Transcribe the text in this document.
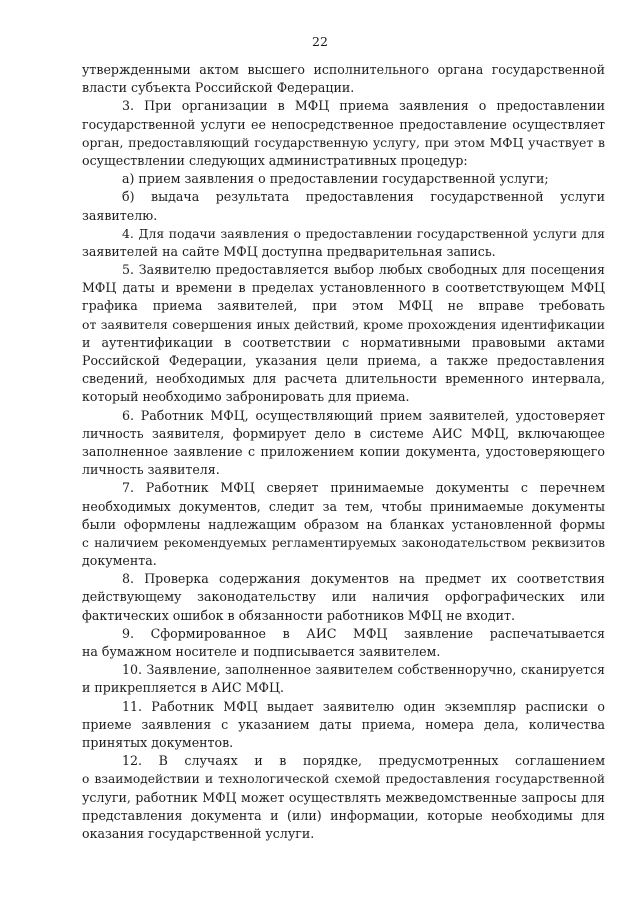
22
утвержденными актом высшего исполнительного органа государственной
власти субъекта Российской Федерации.
3. При организации в МФЦ приема заявления о предоставлении
государственной услуги ее непосредственное предоставление осуществляет
орган, предоставляющий государственную услугу, при этом МФЦ участвует в
осуществлении следующих административных процедур:
а) прием заявления о предоставлении государственной услуги;
б) выдача результата предоставления государственной услуги
заявителю.
4. Для подачи заявления о предоставлении государственной услуги для
заявителей на сайте МФЦ доступна предварительная запись.
5. Заявителю предоставляется выбор любых свободных для посещения
МФЦ даты и времени в пределах установленного в соответствующем МФЦ
графика приема заявителей, при этом МФЦ не вправе требовать
от заявителя совершения иных действий, кроме прохождения идентификации
и аутентификации в соответствии с нормативными правовыми актами
Российской Федерации, указания цели приема, а также предоставления
сведений, необходимых для расчета длительности временного интервала,
который необходимо забронировать для приема.
6. Работник МФЦ, осуществляющий прием заявителей, удостоверяет
личность заявителя, формирует дело в системе АИС МФЦ, включающее
заполненное заявление с приложением копии документа, удостоверяющего
личность заявителя.
7. Работник МФЦ сверяет принимаемые документы с перечнем
необходимых документов, следит за тем, чтобы принимаемые документы
были оформлены надлежащим образом на бланках установленной формы
с наличием рекомендуемых регламентируемых законодательством реквизитов
документа.
8. Проверка содержания документов на предмет их соответствия
действующему законодательству или наличия орфографических или
фактических ошибок в обязанности работников МФЦ не входит.
9. Сформированное в АИС МФЦ заявление распечатывается
на бумажном носителе и подписывается заявителем.
10. Заявление, заполненное заявителем собственноручно, сканируется
и прикрепляется в АИС МФЦ.
11. Работник МФЦ выдает заявителю один экземпляр расписки о
приеме заявления с указанием даты приема, номера дела, количества
принятых документов.
12. В случаях и в порядке, предусмотренных соглашением
о взаимодействии и технологической схемой предоставления государственной
услуги, работник МФЦ может осуществлять межведомственные запросы для
представления документа и (или) информации, которые необходимы для
оказания государственной услуги.
